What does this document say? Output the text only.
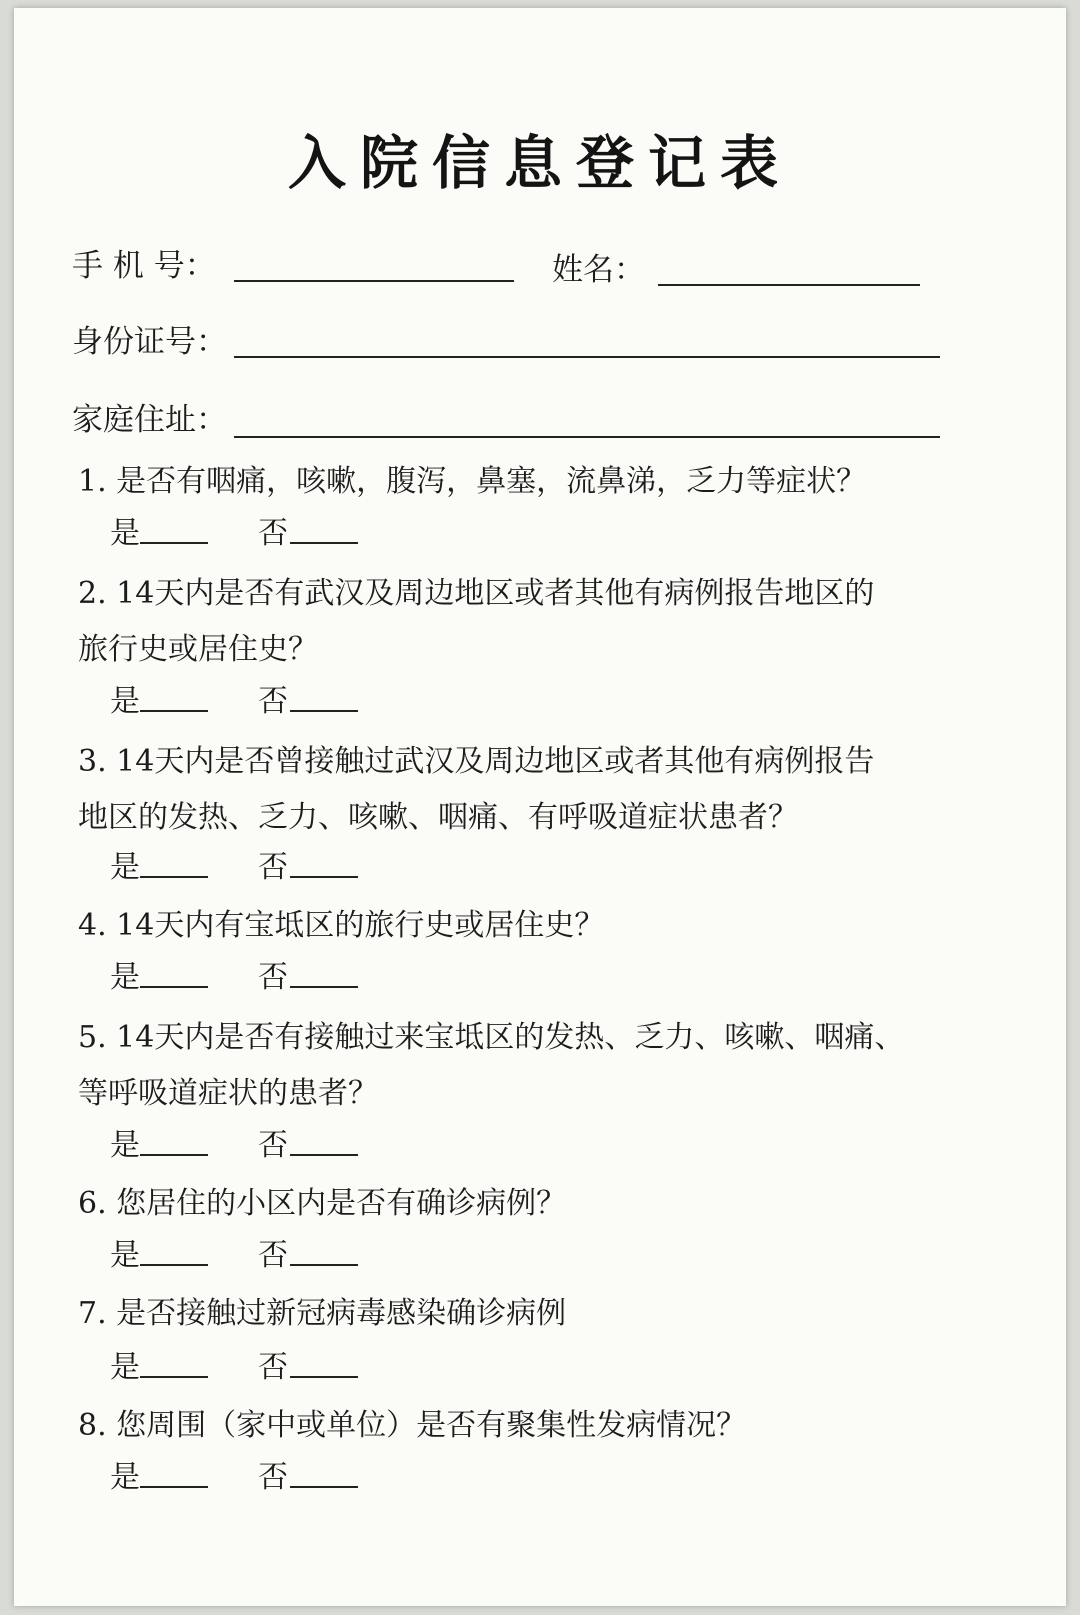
入院信息登记表
手 机 号：	姓名：
身份证号：
家庭住址：
1. 是否有咽痛，咳嗽，腹泻，鼻塞，流鼻涕，乏力等症状？
是	否
2. 14天内是否有武汉及周边地区或者其他有病例报告地区的
旅行史或居住史？
是	否
3. 14天内是否曾接触过武汉及周边地区或者其他有病例报告
地区的发热、乏力、咳嗽、咽痛、有呼吸道症状患者？
是	否
4. 14天内有宝坻区的旅行史或居住史？
是	否
5. 14天内是否有接触过来宝坻区的发热、乏力、咳嗽、咽痛、
等呼吸道症状的患者？
是	否
6. 您居住的小区内是否有确诊病例？
是	否
7. 是否接触过新冠病毒感染确诊病例
是	否
8. 您周围（家中或单位）是否有聚集性发病情况？
是	否
